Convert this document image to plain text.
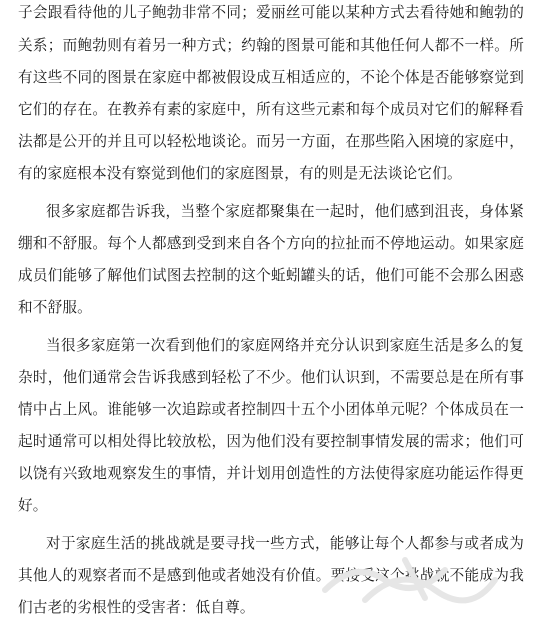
子会跟看待他的儿子鲍勃非常不同；爱丽丝可能以某种方式去看待她和鲍勃的
关系；而鲍勃则有着另一种方式；约翰的图景可能和其他任何人都不一样。所
有这些不同的图景在家庭中都被假设成互相适应的，不论个体是否能够察觉到
它们的存在。在教养有素的家庭中，所有这些元素和每个成员对它们的解释看
法都是公开的并且可以轻松地谈论。而另一方面，在那些陷入困境的家庭中，
有的家庭根本没有察觉到他们的家庭图景，有的则是无法谈论它们。
很多家庭都告诉我，当整个家庭都聚集在一起时，他们感到沮丧，身体紧
绷和不舒服。每个人都感到受到来自各个方向的拉扯而不停地运动。如果家庭
成员们能够了解他们试图去控制的这个蚯蚓罐头的话，他们可能不会那么困惑
和不舒服。
当很多家庭第一次看到他们的家庭网络并充分认识到家庭生活是多么的复
杂时，他们通常会告诉我感到轻松了不少。他们认识到，不需要总是在所有事
情中占上风。谁能够一次追踪或者控制四十五个小团体单元呢？个体成员在一
起时通常可以相处得比较放松，因为他们没有要控制事情发展的需求；他们可
以饶有兴致地观察发生的事情，并计划用创造性的方法使得家庭功能运作得更
好。
对于家庭生活的挑战就是要寻找一些方式，能够让每个人都参与或者成为
其他人的观察者而不是感到他或者她没有价值。要接受这个挑战就不能成为我
们古老的劣根性的受害者：低自尊。
